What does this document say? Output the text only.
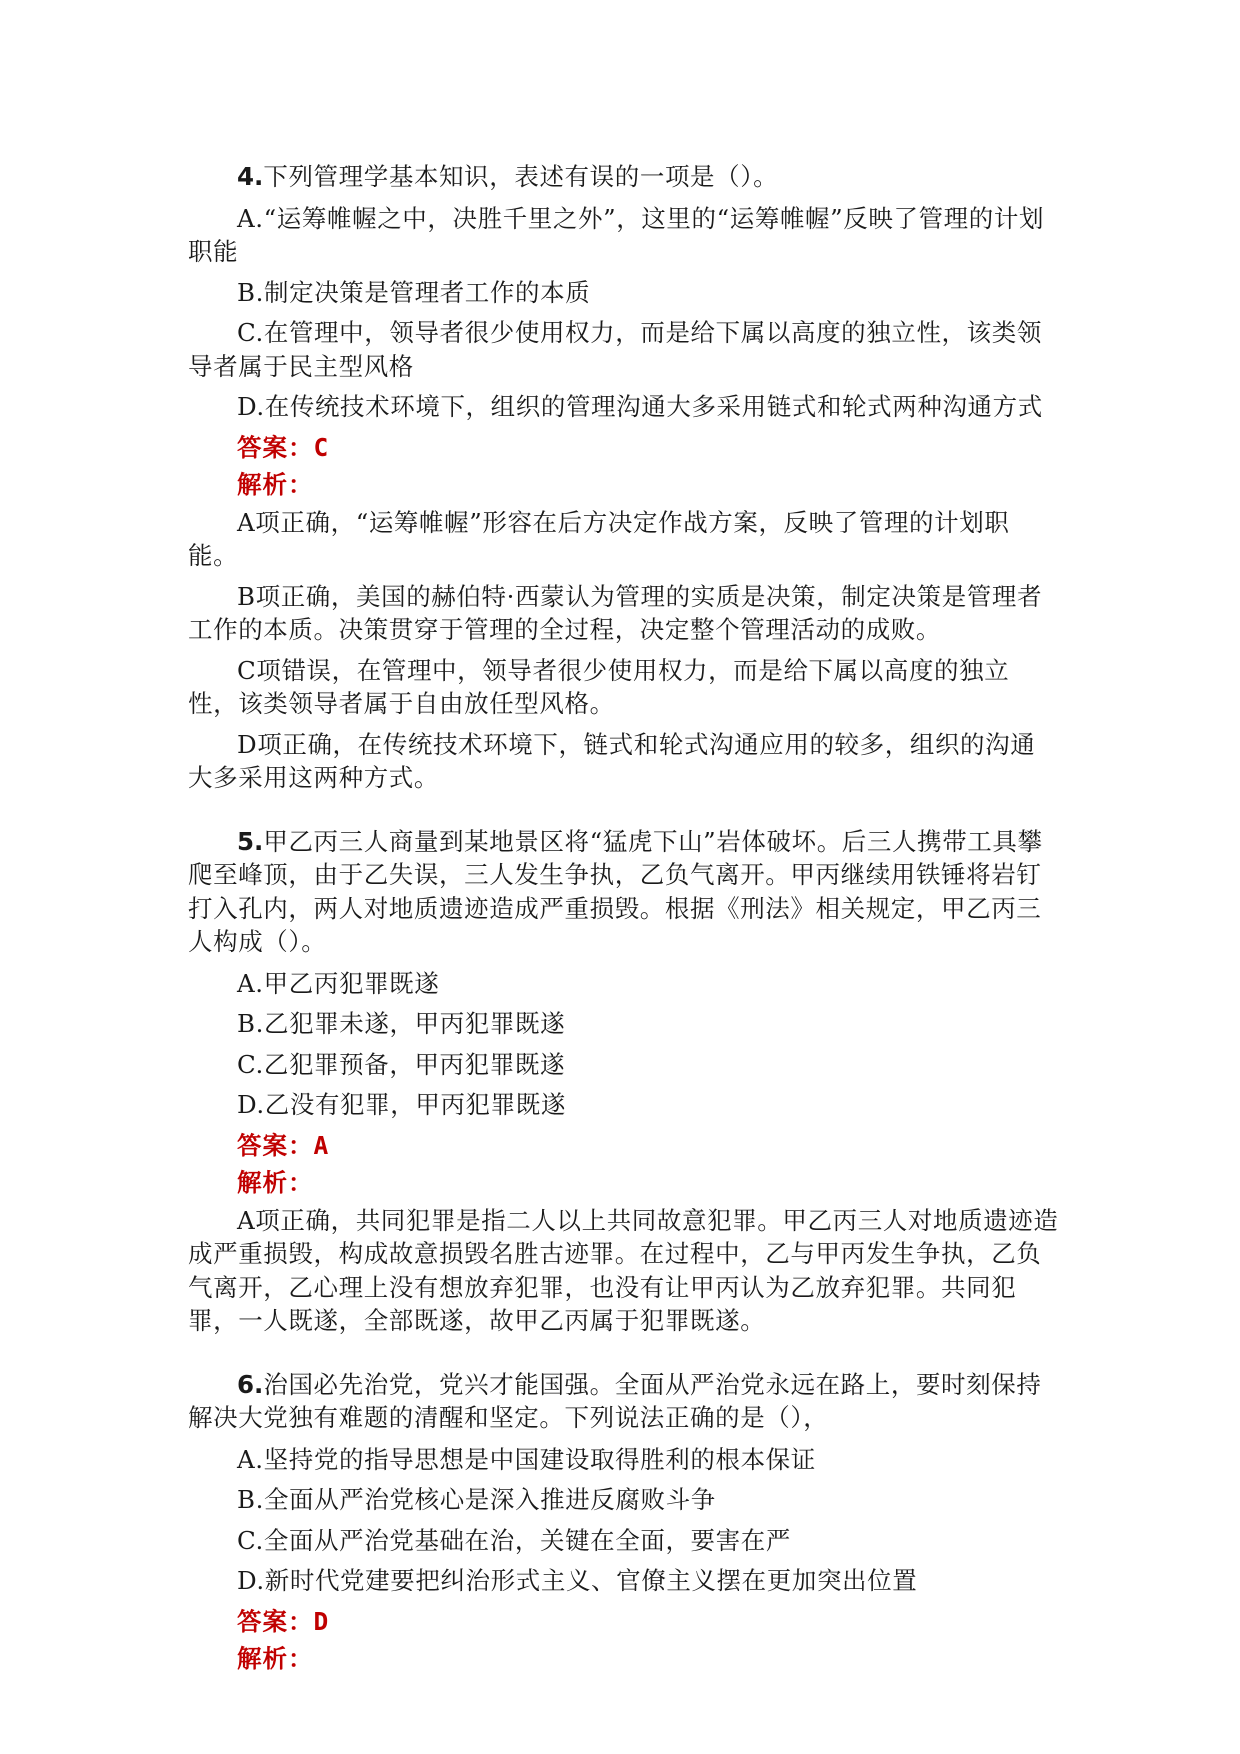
4.下列管理学基本知识，表述有误的一项是（）。

A.“运筹帷幄之中，决胜千里之外”，这里的“运筹帷幄”反映了管理的计划职能

B.制定决策是管理者工作的本质

C.在管理中，领导者很少使用权力，而是给下属以高度的独立性，该类领导者属于民主型风格

D.在传统技术环境下，组织的管理沟通大多采用链式和轮式两种沟通方式

答案：C

解析：

A项正确，“运筹帷幄”形容在后方决定作战方案，反映了管理的计划职能。

B项正确，美国的赫伯特·西蒙认为管理的实质是决策，制定决策是管理者工作的本质。决策贯穿于管理的全过程，决定整个管理活动的成败。

C项错误，在管理中，领导者很少使用权力，而是给下属以高度的独立性，该类领导者属于自由放任型风格。

D项正确，在传统技术环境下，链式和轮式沟通应用的较多，组织的沟通大多采用这两种方式。

5.甲乙丙三人商量到某地景区将“猛虎下山”岩体破坏。后三人携带工具攀爬至峰顶，由于乙失误，三人发生争执，乙负气离开。甲丙继续用铁锤将岩钉打入孔内，两人对地质遗迹造成严重损毁。根据《刑法》相关规定，甲乙丙三人构成（）。

A.甲乙丙犯罪既遂

B.乙犯罪未遂，甲丙犯罪既遂

C.乙犯罪预备，甲丙犯罪既遂

D.乙没有犯罪，甲丙犯罪既遂

答案：A

解析：

A项正确，共同犯罪是指二人以上共同故意犯罪。甲乙丙三人对地质遗迹造成严重损毁，构成故意损毁名胜古迹罪。在过程中，乙与甲丙发生争执，乙负气离开，乙心理上没有想放弃犯罪，也没有让甲丙认为乙放弃犯罪。共同犯罪，一人既遂，全部既遂，故甲乙丙属于犯罪既遂。

6.治国必先治党，党兴才能国强。全面从严治党永远在路上，要时刻保持解决大党独有难题的清醒和坚定。下列说法正确的是（），

A.坚持党的指导思想是中国建设取得胜利的根本保证

B.全面从严治党核心是深入推进反腐败斗争

C.全面从严治党基础在治，关键在全面，要害在严

D.新时代党建要把纠治形式主义、官僚主义摆在更加突出位置

答案：D

解析：
